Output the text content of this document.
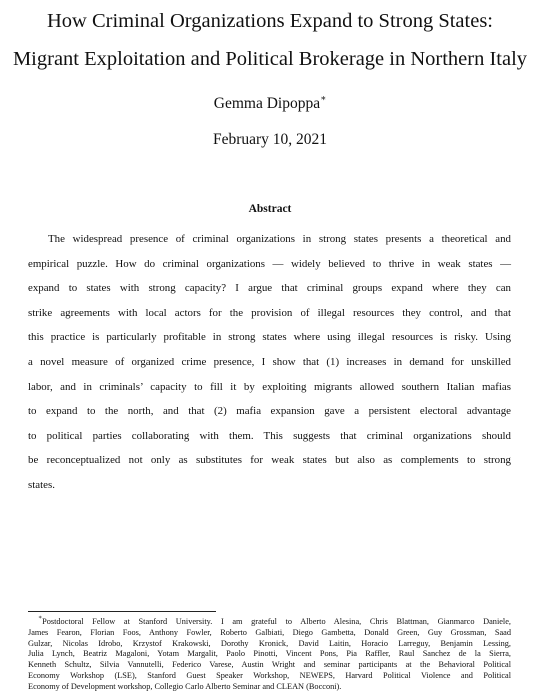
How Criminal Organizations Expand to Strong States:
Migrant Exploitation and Political Brokerage in Northern Italy
Gemma Dipoppa∗
February 10, 2021
Abstract
The widespread presence of criminal organizations in strong states presents a theoretical and
empirical puzzle. How do criminal organizations — widely believed to thrive in weak states —
expand to states with strong capacity? I argue that criminal groups expand where they can
strike agreements with local actors for the provision of illegal resources they control, and that
this practice is particularly profitable in strong states where using illegal resources is risky. Using
a novel measure of organized crime presence, I show that (1) increases in demand for unskilled
labor, and in criminals’ capacity to fill it by exploiting migrants allowed southern Italian mafias
to expand to the north, and that (2) mafia expansion gave a persistent electoral advantage
to political parties collaborating with them. This suggests that criminal organizations should
be reconceptualized not only as substitutes for weak states but also as complements to strong
states.
∗Postdoctoral Fellow at Stanford University. I am grateful to Alberto Alesina, Chris Blattman, Gianmarco Daniele,
James Fearon, Florian Foos, Anthony Fowler, Roberto Galbiati, Diego Gambetta, Donald Green, Guy Grossman, Saad
Gulzar, Nicolas Idrobo, Krzystof Krakowski, Dorothy Kronick, David Laitin, Horacio Larreguy, Benjamin Lessing,
Julia Lynch, Beatriz Magaloni, Yotam Margalit, Paolo Pinotti, Vincent Pons, Pia Raffler, Raul Sanchez de la Sierra,
Kenneth Schultz, Silvia Vannutelli, Federico Varese, Austin Wright and seminar participants at the Behavioral Political
Economy Workshop (LSE), Stanford Guest Speaker Workshop, NEWEPS, Harvard Political Violence and Political
Economy of Development workshop, Collegio Carlo Alberto Seminar and CLEAN (Bocconi).
